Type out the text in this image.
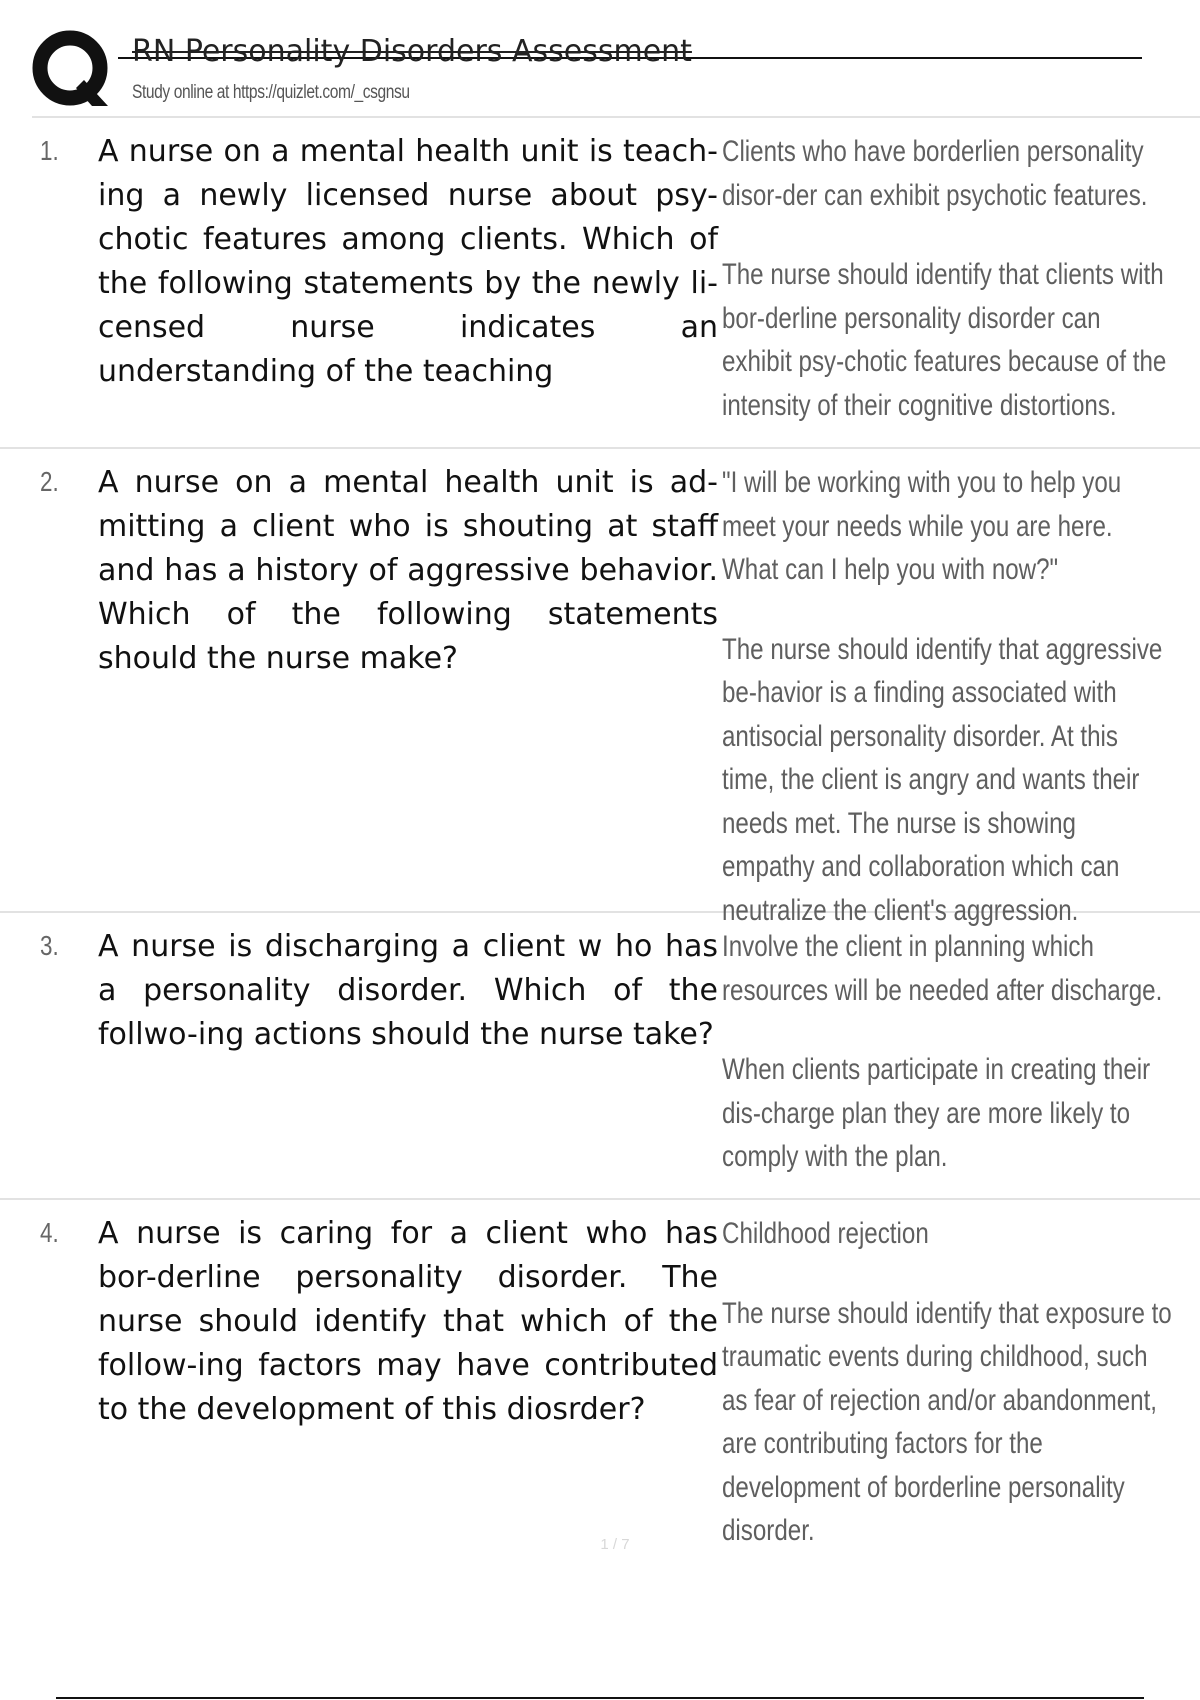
RN Personality Disorders Assessment
Study online at https://quizlet.com/_csgnsu
1. A nurse on a mental health unit is teach-ing a newly licensed nurse about psy-chotic features among clients. Which of the following statements by the newly li-censed nurse indicates an understanding of the teaching

Clients who have borderlien personality disor-der can exhibit psychotic features.

The nurse should identify that clients with bor-derline personality disorder can exhibit psy-chotic features because of the intensity of their cognitive distortions.

2. A nurse on a mental health unit is ad-mitting a client who is shouting at staff and has a history of aggressive behavior. Which of the following statements should the nurse make?

"I will be working with you to help you meet your needs while you are here. What can I help you with now?"

The nurse should identify that aggressive be-havior is a finding associated with antisocial personality disorder. At this time, the client is angry and wants their needs met. The nurse is showing empathy and collaboration which can neutralize the client's aggression.

3. A nurse is discharging a client w ho has a personality disorder. Which of the follwo-ing actions should the nurse take?

Involve the client in planning which resources will be needed after discharge.

When clients participate in creating their dis-charge plan they are more likely to comply with the plan.

4. A nurse is caring for a client who has bor-derline personality disorder. The nurse should identify that which of the follow-ing factors may have contributed to the development of this diosrder?

Childhood rejection

The nurse should identify that exposure to traumatic events during childhood, such as fear of rejection and/or abandonment, are contributing factors for the development of borderline personality disorder.

1 / 7
